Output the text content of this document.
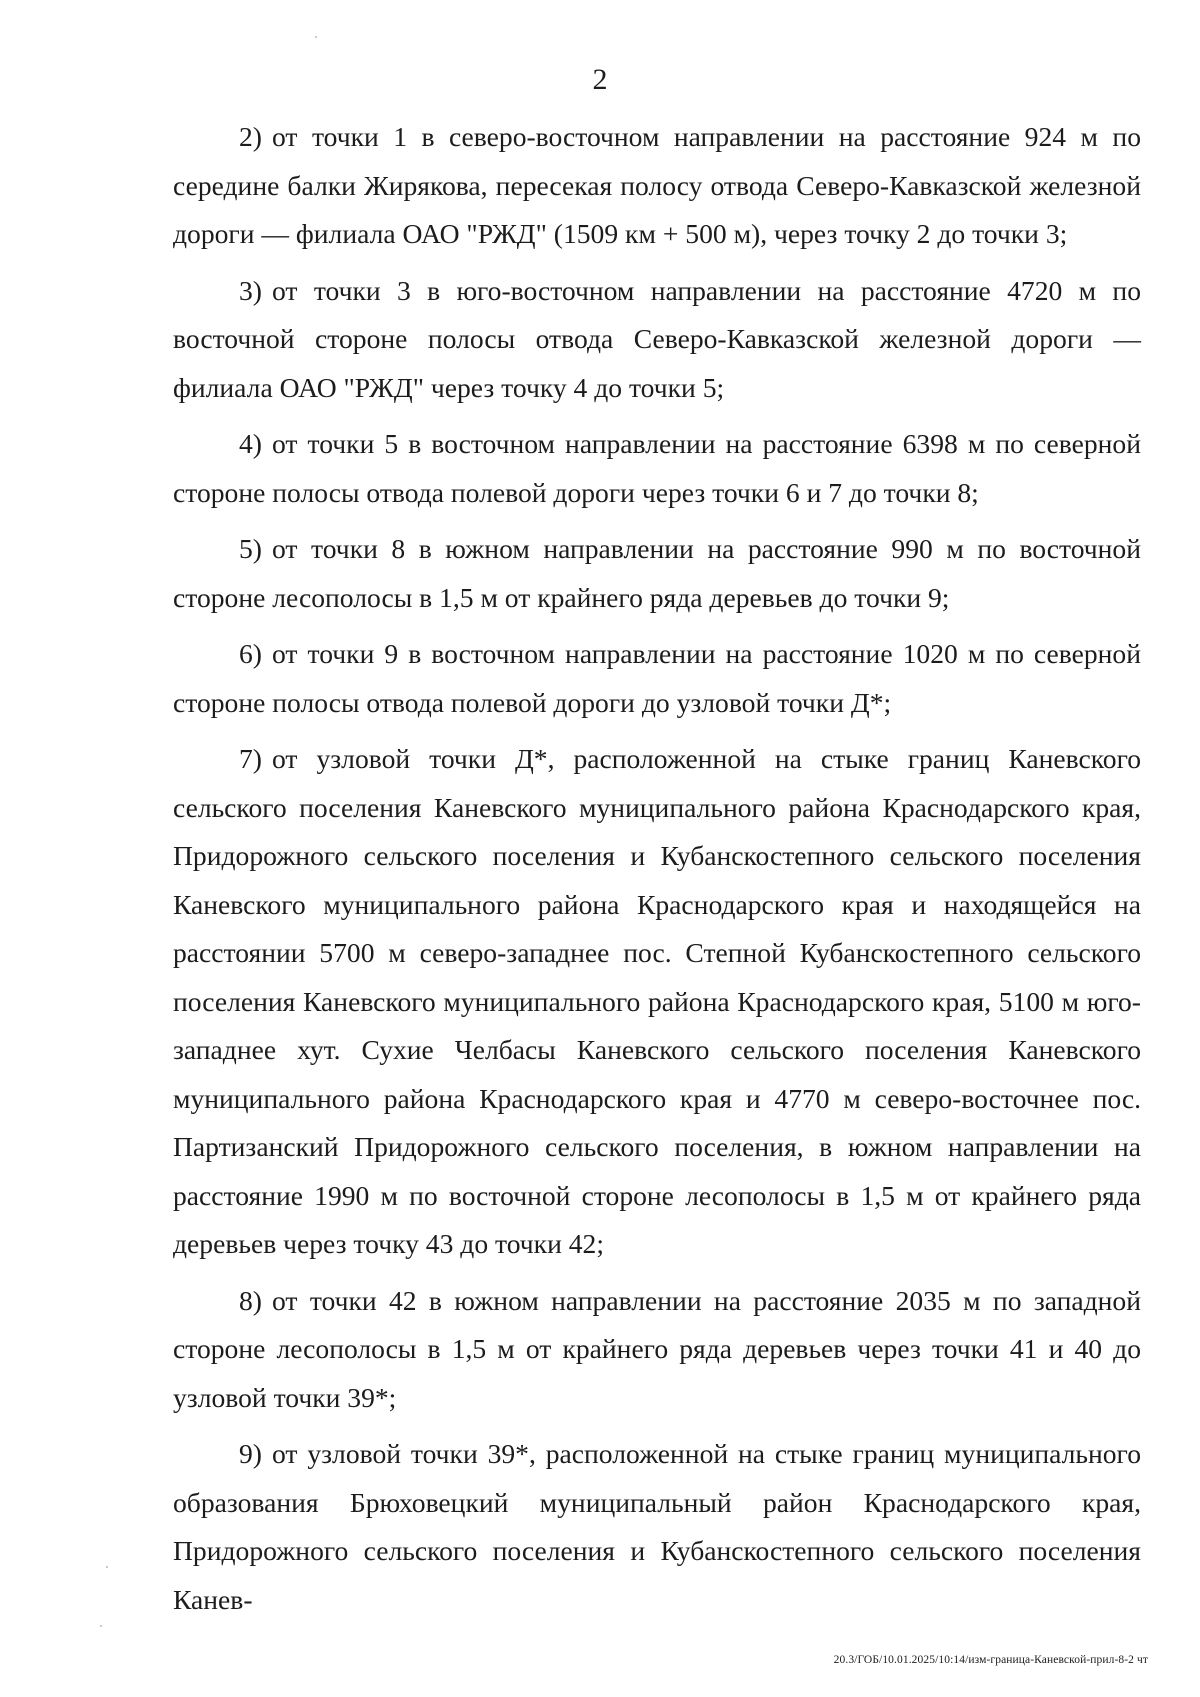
2

2) от точки 1 в северо-восточном направлении на расстояние 924 м по середине балки Жирякова, пересекая полосу отвода Северо-Кавказской железной дороги — филиала ОАО "РЖД" (1509 км + 500 м), через точку 2 до точки 3;

3) от точки 3 в юго-восточном направлении на расстояние 4720 м по восточной стороне полосы отвода Северо-Кавказской железной дороги — филиала ОАО "РЖД" через точку 4 до точки 5;

4) от точки 5 в восточном направлении на расстояние 6398 м по северной стороне полосы отвода полевой дороги через точки 6 и 7 до точки 8;

5) от точки 8 в южном направлении на расстояние 990 м по восточной стороне лесополосы в 1,5 м от крайнего ряда деревьев до точки 9;

6) от точки 9 в восточном направлении на расстояние 1020 м по северной стороне полосы отвода полевой дороги до узловой точки Д*;

7) от узловой точки Д*, расположенной на стыке границ Каневского сельского поселения Каневского муниципального района Краснодарского края, Придорожного сельского поселения и Кубанскостепного сельского поселения Каневского муниципального района Краснодарского края и находящейся на расстоянии 5700 м северо-западнее пос. Степной Кубанскостепного сельского поселения Каневского муниципального района Краснодарского края, 5100 м юго-западнее хут. Сухие Челбасы Каневского сельского поселения Каневского муниципального района Краснодарского края и 4770 м северо-восточнее пос. Партизанский Придорожного сельского поселения, в южном направлении на расстояние 1990 м по восточной стороне лесополосы в 1,5 м от крайнего ряда деревьев через точку 43 до точки 42;

8) от точки 42 в южном направлении на расстояние 2035 м по западной стороне лесополосы в 1,5 м от крайнего ряда деревьев через точки 41 и 40 до узловой точки 39*;

9) от узловой точки 39*, расположенной на стыке границ муниципального образования Брюховецкий муниципальный район Краснодарского края, Придорожного сельского поселения и Кубанскостепного сельского поселения Канев-

20.3/ГОБ/10.01.2025/10:14/изм-граница-Каневской-прил-8-2 чт
